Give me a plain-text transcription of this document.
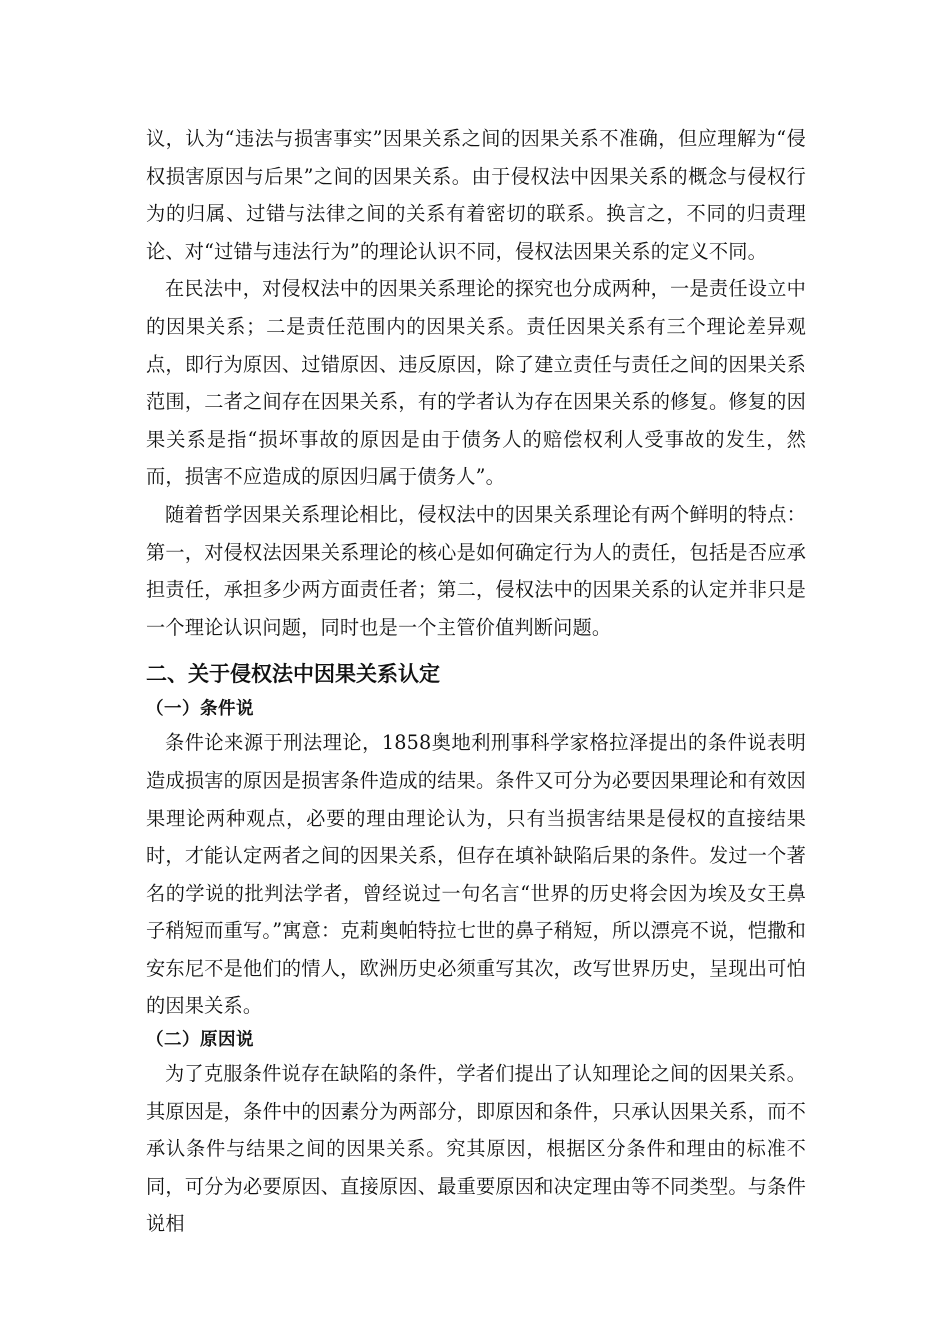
议，认为“违法与损害事实”因果关系之间的因果关系不准确，但应理解为“侵权损害原因与后果”之间的因果关系。由于侵权法中因果关系的概念与侵权行为的归属、过错与法律之间的关系有着密切的联系。换言之，不同的归责理论、对“过错与违法行为”的理论认识不同，侵权法因果关系的定义不同。

在民法中，对侵权法中的因果关系理论的探究也分成两种，一是责任设立中的因果关系；二是责任范围内的因果关系。责任因果关系有三个理论差异观点，即行为原因、过错原因、违反原因，除了建立责任与责任之间的因果关系范围，二者之间存在因果关系，有的学者认为存在因果关系的修复。修复的因果关系是指“损坏事故的原因是由于债务人的赔偿权利人受事故的发生，然而，损害不应造成的原因归属于债务人”。

随着哲学因果关系理论相比，侵权法中的因果关系理论有两个鲜明的特点：第一，对侵权法因果关系理论的核心是如何确定行为人的责任，包括是否应承担责任，承担多少两方面责任者；第二，侵权法中的因果关系的认定并非只是一个理论认识问题，同时也是一个主管价值判断问题。

二、关于侵权法中因果关系认定
（一）条件说

条件论来源于刑法理论，1858奥地利刑事科学家格拉泽提出的条件说表明造成损害的原因是损害条件造成的结果。条件又可分为必要因果理论和有效因果理论两种观点，必要的理由理论认为，只有当损害结果是侵权的直接结果时，才能认定两者之间的因果关系，但存在填补缺陷后果的条件。发过一个著名的学说的批判法学者，曾经说过一句名言“世界的历史将会因为埃及女王鼻子稍短而重写。”寓意：克莉奥帕特拉七世的鼻子稍短，所以漂亮不说，恺撒和安东尼不是他们的情人，欧洲历史必须重写其次，改写世界历史，呈现出可怕的因果关系。

（二）原因说

为了克服条件说存在缺陷的条件，学者们提出了认知理论之间的因果关系。其原因是，条件中的因素分为两部分，即原因和条件，只承认因果关系，而不承认条件与结果之间的因果关系。究其原因，根据区分条件和理由的标准不同，可分为必要原因、直接原因、最重要原因和决定理由等不同类型。与条件说相
